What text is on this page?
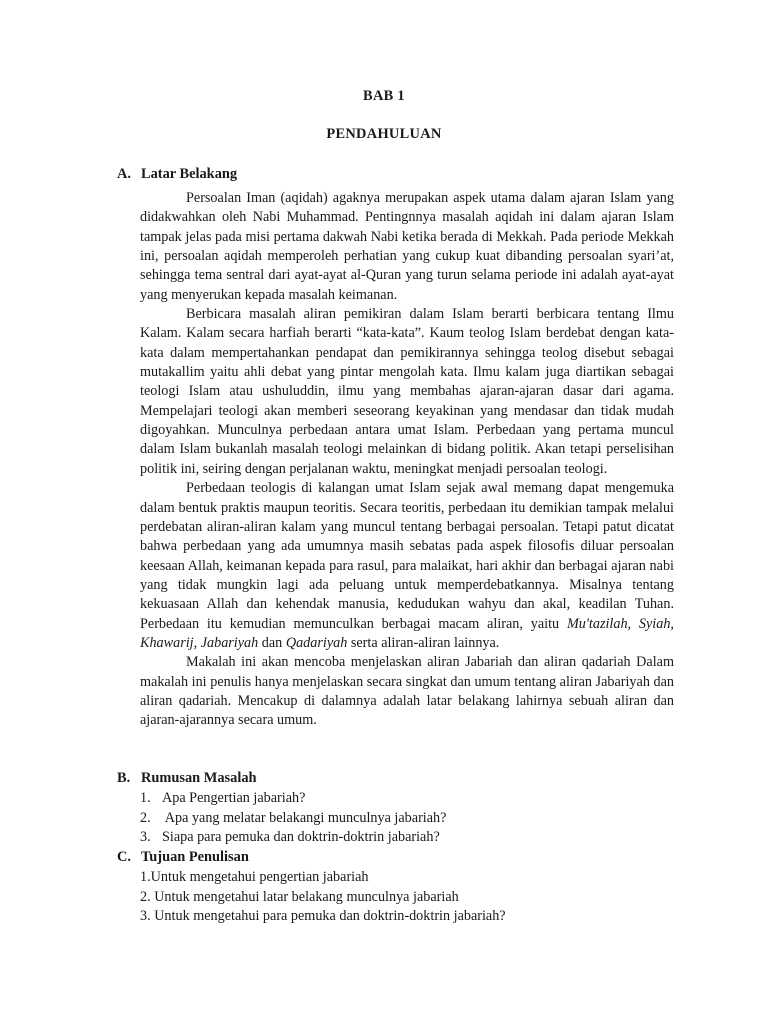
BAB 1
PENDAHULUAN
A. Latar Belakang

Persoalan Iman (aqidah) agaknya merupakan aspek utama dalam ajaran Islam yang didakwahkan oleh Nabi Muhammad. Pentingnnya masalah aqidah ini dalam ajaran Islam tampak jelas pada misi pertama dakwah Nabi ketika berada di Mekkah. Pada periode Mekkah ini, persoalan aqidah memperoleh perhatian yang cukup kuat dibanding persoalan syari’at, sehingga tema sentral dari ayat-ayat al-Quran yang turun selama periode ini adalah ayat-ayat yang menyerukan kepada masalah keimanan.

Berbicara masalah aliran pemikiran dalam Islam berarti berbicara tentang Ilmu Kalam. Kalam secara harfiah berarti “kata-kata”. Kaum teolog Islam berdebat dengan kata-kata dalam mempertahankan pendapat dan pemikirannya sehingga teolog disebut sebagai mutakallim yaitu ahli debat yang pintar mengolah kata. Ilmu kalam juga diartikan sebagai teologi Islam atau ushuluddin, ilmu yang membahas ajaran-ajaran dasar dari agama. Mempelajari teologi akan memberi seseorang keyakinan yang mendasar dan tidak mudah digoyahkan. Munculnya perbedaan antara umat Islam. Perbedaan yang pertama muncul dalam Islam bukanlah masalah teologi melainkan di bidang politik. Akan tetapi perselisihan politik ini, seiring dengan perjalanan waktu, meningkat menjadi persoalan teologi.

Perbedaan teologis di kalangan umat Islam sejak awal memang dapat mengemuka dalam bentuk praktis maupun teoritis. Secara teoritis, perbedaan itu demikian tampak melalui perdebatan aliran-aliran kalam yang muncul tentang berbagai persoalan. Tetapi patut dicatat bahwa perbedaan yang ada umumnya masih sebatas pada aspek filosofis diluar persoalan keesaan Allah, keimanan kepada para rasul, para malaikat, hari akhir dan berbagai ajaran nabi yang tidak mungkin lagi ada peluang untuk memperdebatkannya. Misalnya tentang kekuasaan Allah dan kehendak manusia, kedudukan wahyu dan akal, keadilan Tuhan. Perbedaan itu kemudian memunculkan berbagai macam aliran, yaitu Mu'tazilah, Syiah, Khawarij, Jabariyah dan Qadariyah serta aliran-aliran lainnya.

Makalah ini akan mencoba menjelaskan aliran Jabariah dan aliran qadariah Dalam makalah ini penulis hanya menjelaskan secara singkat dan umum tentang aliran Jabariyah dan aliran qadariah. Mencakup di dalamnya adalah latar belakang lahirnya sebuah aliran dan ajaran-ajarannya secara umum.

B. Rumusan Masalah
1. Apa Pengertian jabariah?
2. Apa yang melatar belakangi munculnya jabariah?
3. Siapa para pemuka dan doktrin-doktrin jabariah?
C. Tujuan Penulisan
1.Untuk mengetahui pengertian jabariah
2. Untuk mengetahui latar belakang munculnya jabariah
3. Untuk mengetahui para pemuka dan doktrin-doktrin jabariah?
